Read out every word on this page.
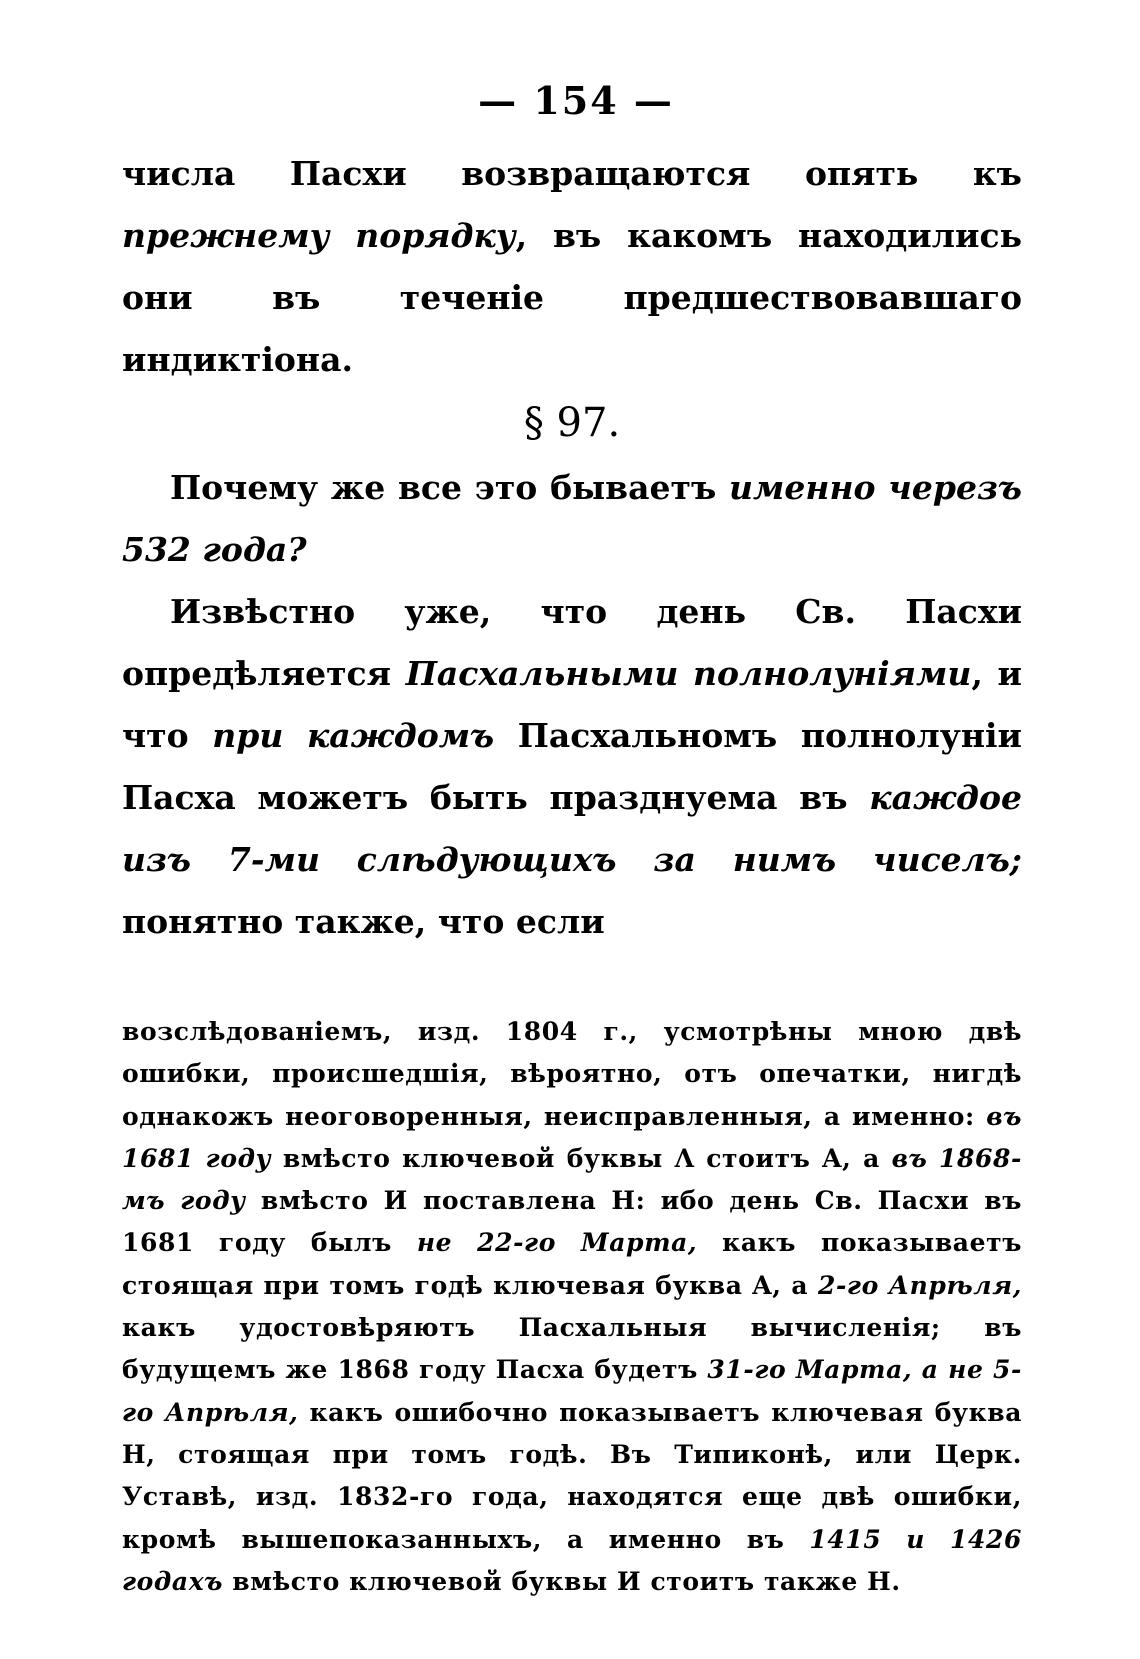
— 154 —

числа Пасхи возвращаются опять къ прежнему порядку, въ какомъ находились они въ теченіе предшествовавшаго индиктіона.

§ 97.

Почему же все это бываетъ именно черезъ 532 года?

Извѣстно уже, что день Св. Пасхи опредѣляется Пасхальными полнолуніями, и что при каждомъ Пасхальномъ полнолуніи Пасха можетъ быть празднуема въ каждое изъ 7-ми слѣдующихъ за нимъ чиселъ; понятно также, что если

возслѣдованіемъ, изд. 1804 г., усмотрѣны мною двѣ ошибки, происшедшія, вѣроятно, отъ опечатки, нигдѣ однакожъ неоговоренныя, неисправленныя, а именно: въ 1681 году вмѣсто ключевой буквы Λ стоитъ A, а въ 1868-мъ году вмѣсто И поставлена Н: ибо день Св. Пасхи въ 1681 году былъ не 22-го Марта, какъ показываетъ стоящая при томъ годѣ ключевая буква A, а 2-го Апрѣля, какъ удостовѣряютъ Пасхальныя вычисленія; въ будущемъ же 1868 году Пасха будетъ 31-го Марта, а не 5-го Апрѣля, какъ ошибочно показываетъ ключевая буква Н, стоящая при томъ годѣ. Въ Типиконѣ, или Церк. Уставѣ, изд. 1832-го года, находятся еще двѣ ошибки, кромѣ вышепоказанныхъ, а именно въ 1415 и 1426 годахъ вмѣсто ключевой буквы И стоитъ также Н.
